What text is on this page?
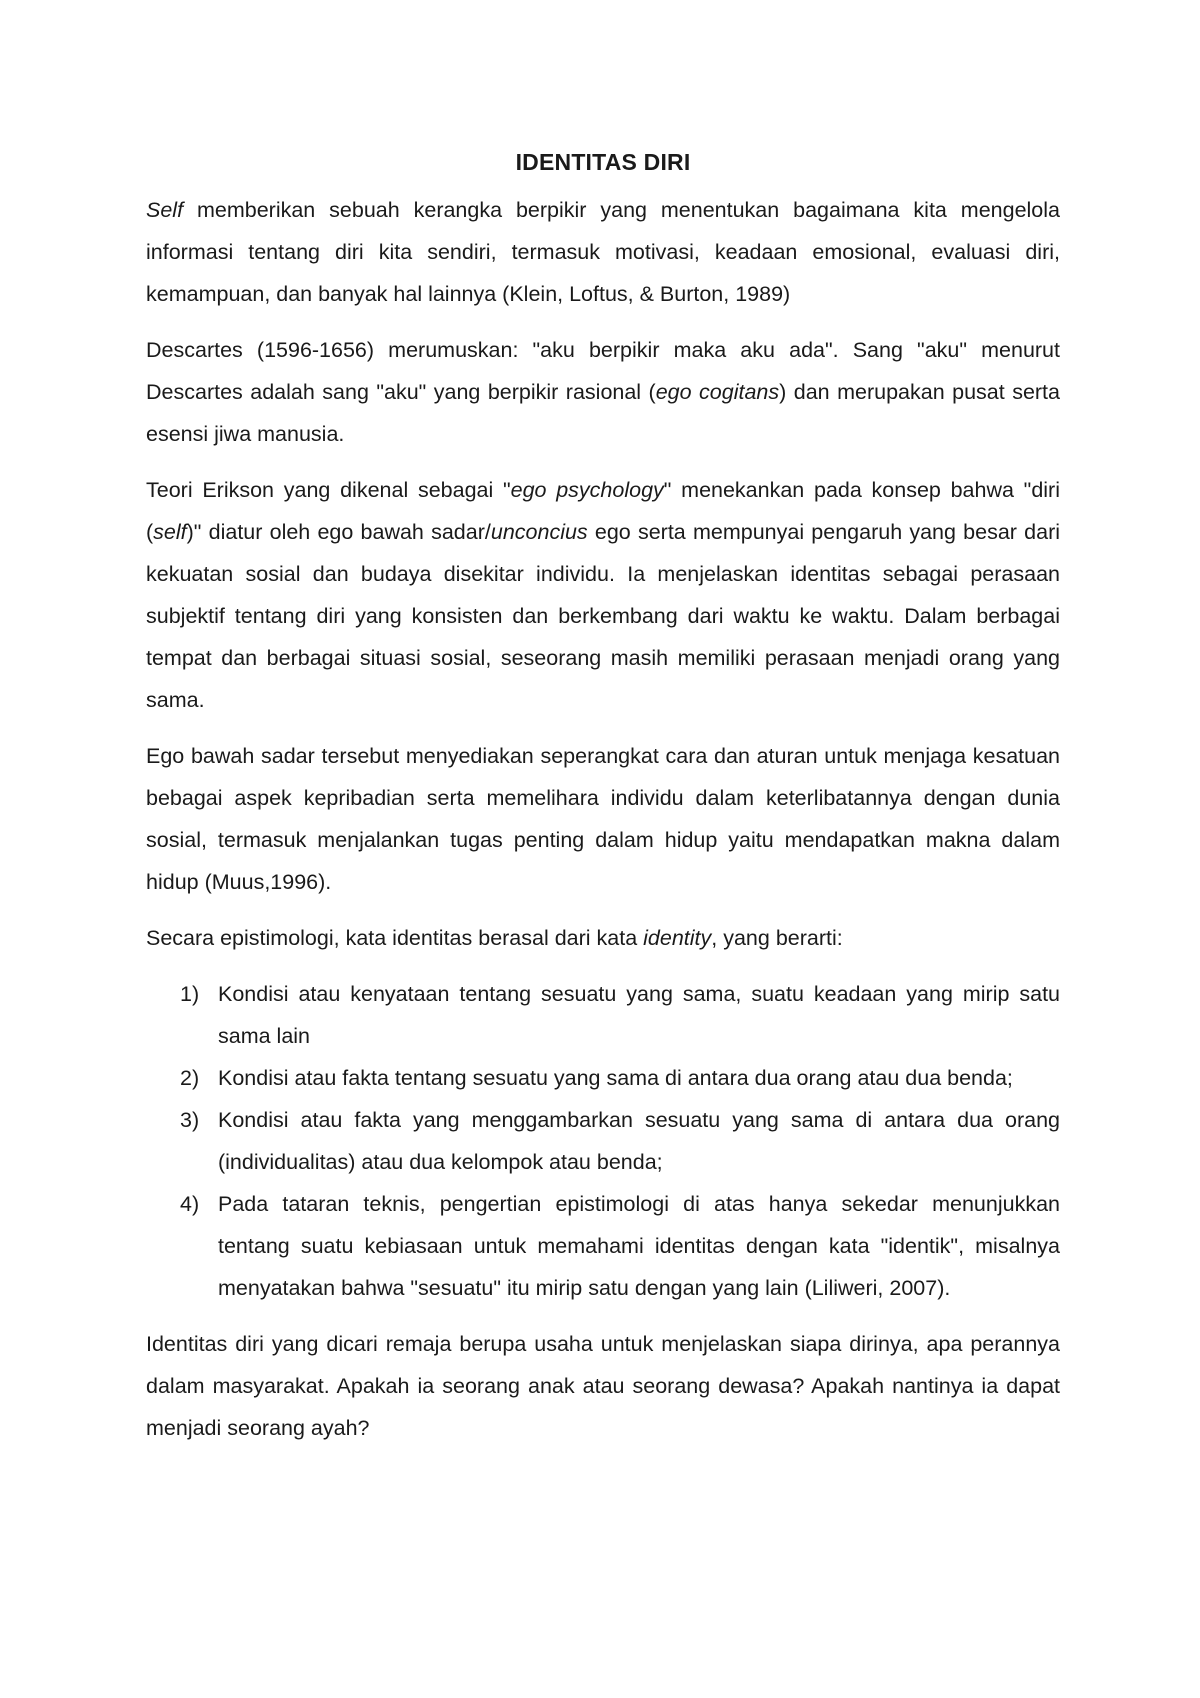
IDENTITAS DIRI

Self memberikan sebuah kerangka berpikir yang menentukan bagaimana kita mengelola informasi tentang diri kita sendiri, termasuk motivasi, keadaan emosional, evaluasi diri, kemampuan, dan banyak hal lainnya (Klein, Loftus, & Burton, 1989)

Descartes (1596-1656) merumuskan: "aku berpikir maka aku ada". Sang "aku" menurut Descartes adalah sang "aku" yang berpikir rasional (ego cogitans) dan merupakan pusat serta esensi jiwa manusia.

Teori Erikson yang dikenal sebagai "ego psychology" menekankan pada konsep bahwa "diri (self)" diatur oleh ego bawah sadar/unconcius ego serta mempunyai pengaruh yang besar dari kekuatan sosial dan budaya disekitar individu. Ia menjelaskan identitas sebagai perasaan subjektif tentang diri yang konsisten dan berkembang dari waktu ke waktu. Dalam berbagai tempat dan berbagai situasi sosial, seseorang masih memiliki perasaan menjadi orang yang sama.

Ego bawah sadar tersebut menyediakan seperangkat cara dan aturan untuk menjaga kesatuan bebagai aspek kepribadian serta memelihara individu dalam keterlibatannya dengan dunia sosial, termasuk menjalankan tugas penting dalam hidup yaitu mendapatkan makna dalam hidup (Muus,1996).

Secara epistimologi, kata identitas berasal dari kata identity, yang berarti:

1) Kondisi atau kenyataan tentang sesuatu yang sama, suatu keadaan yang mirip satu sama lain
2) Kondisi atau fakta tentang sesuatu yang sama di antara dua orang atau dua benda;
3) Kondisi atau fakta yang menggambarkan sesuatu yang sama di antara dua orang (individualitas) atau dua kelompok atau benda;
4) Pada tataran teknis, pengertian epistimologi di atas hanya sekedar menunjukkan tentang suatu kebiasaan untuk memahami identitas dengan kata "identik", misalnya menyatakan bahwa "sesuatu" itu mirip satu dengan yang lain (Liliweri, 2007).

Identitas diri yang dicari remaja berupa usaha untuk menjelaskan siapa dirinya, apa perannya dalam masyarakat. Apakah ia seorang anak atau seorang dewasa? Apakah nantinya ia dapat menjadi seorang ayah?
